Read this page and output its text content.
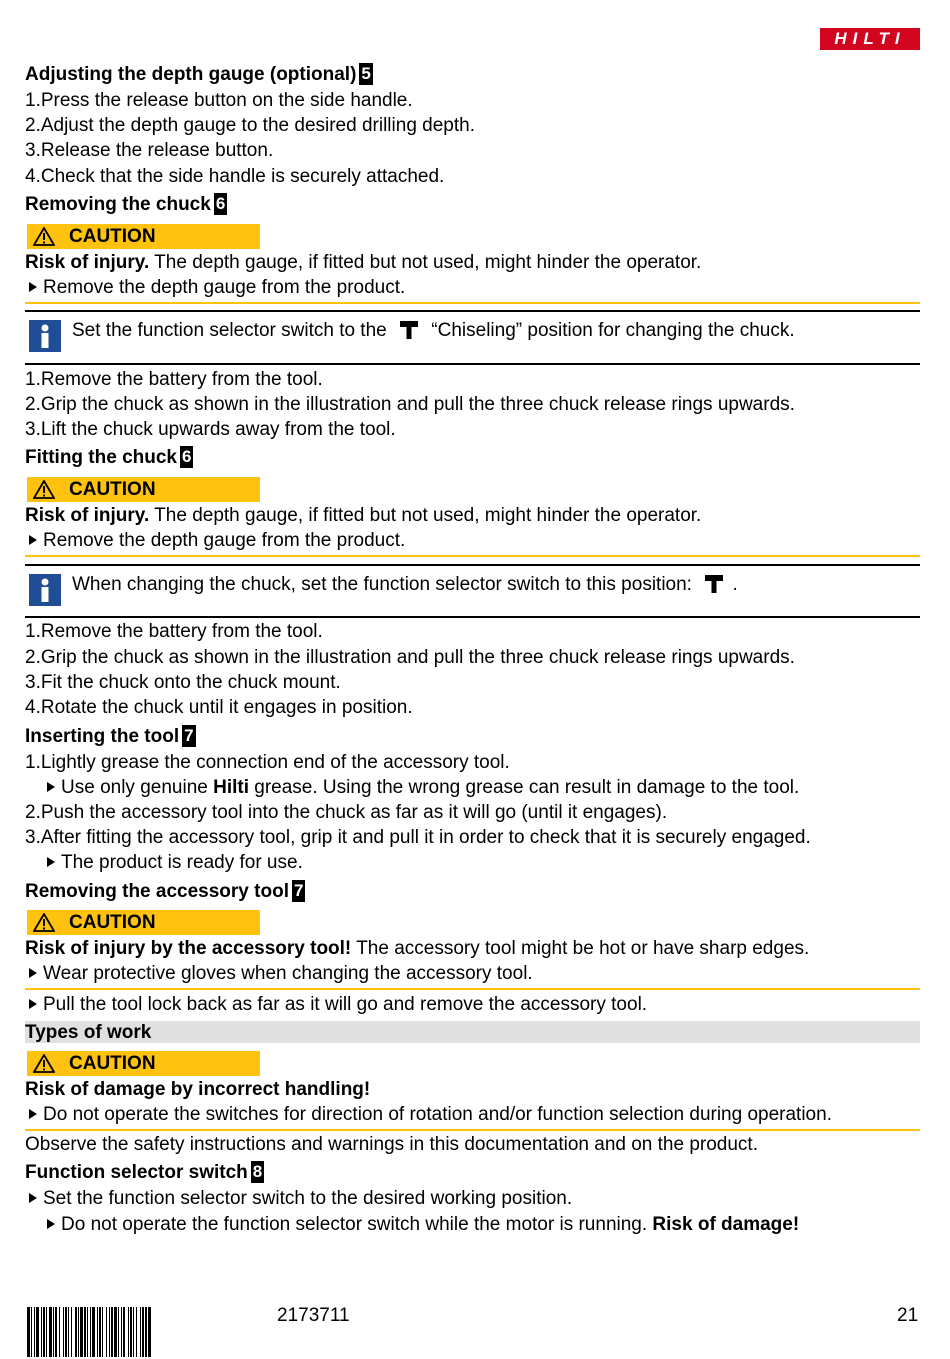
HILTI
Adjusting the depth gauge (optional) 5
1.Press the release button on the side handle.
2.Adjust the depth gauge to the desired drilling depth.
3.Release the release button.
4.Check that the side handle is securely attached.
Removing the chuck 6
CAUTION
Risk of injury. The depth gauge, if fitted but not used, might hinder the operator.
Remove the depth gauge from the product.
Set the function selector switch to the “Chiseling” position for changing the chuck.
1.Remove the battery from the tool.
2.Grip the chuck as shown in the illustration and pull the three chuck release rings upwards.
3.Lift the chuck upwards away from the tool.
Fitting the chuck 6
CAUTION
Risk of injury. The depth gauge, if fitted but not used, might hinder the operator.
Remove the depth gauge from the product.
When changing the chuck, set the function selector switch to this position: .
1.Remove the battery from the tool.
2.Grip the chuck as shown in the illustration and pull the three chuck release rings upwards.
3.Fit the chuck onto the chuck mount.
4.Rotate the chuck until it engages in position.
Inserting the tool 7
1.Lightly grease the connection end of the accessory tool.
Use only genuine Hilti grease. Using the wrong grease can result in damage to the tool.
2.Push the accessory tool into the chuck as far as it will go (until it engages).
3.After fitting the accessory tool, grip it and pull it in order to check that it is securely engaged.
The product is ready for use.
Removing the accessory tool 7
CAUTION
Risk of injury by the accessory tool! The accessory tool might be hot or have sharp edges.
Wear protective gloves when changing the accessory tool.
Pull the tool lock back as far as it will go and remove the accessory tool.
Types of work
CAUTION
Risk of damage by incorrect handling!
Do not operate the switches for direction of rotation and/or function selection during operation.
Observe the safety instructions and warnings in this documentation and on the product.
Function selector switch 8
Set the function selector switch to the desired working position.
Do not operate the function selector switch while the motor is running. Risk of damage!
2173711	21
